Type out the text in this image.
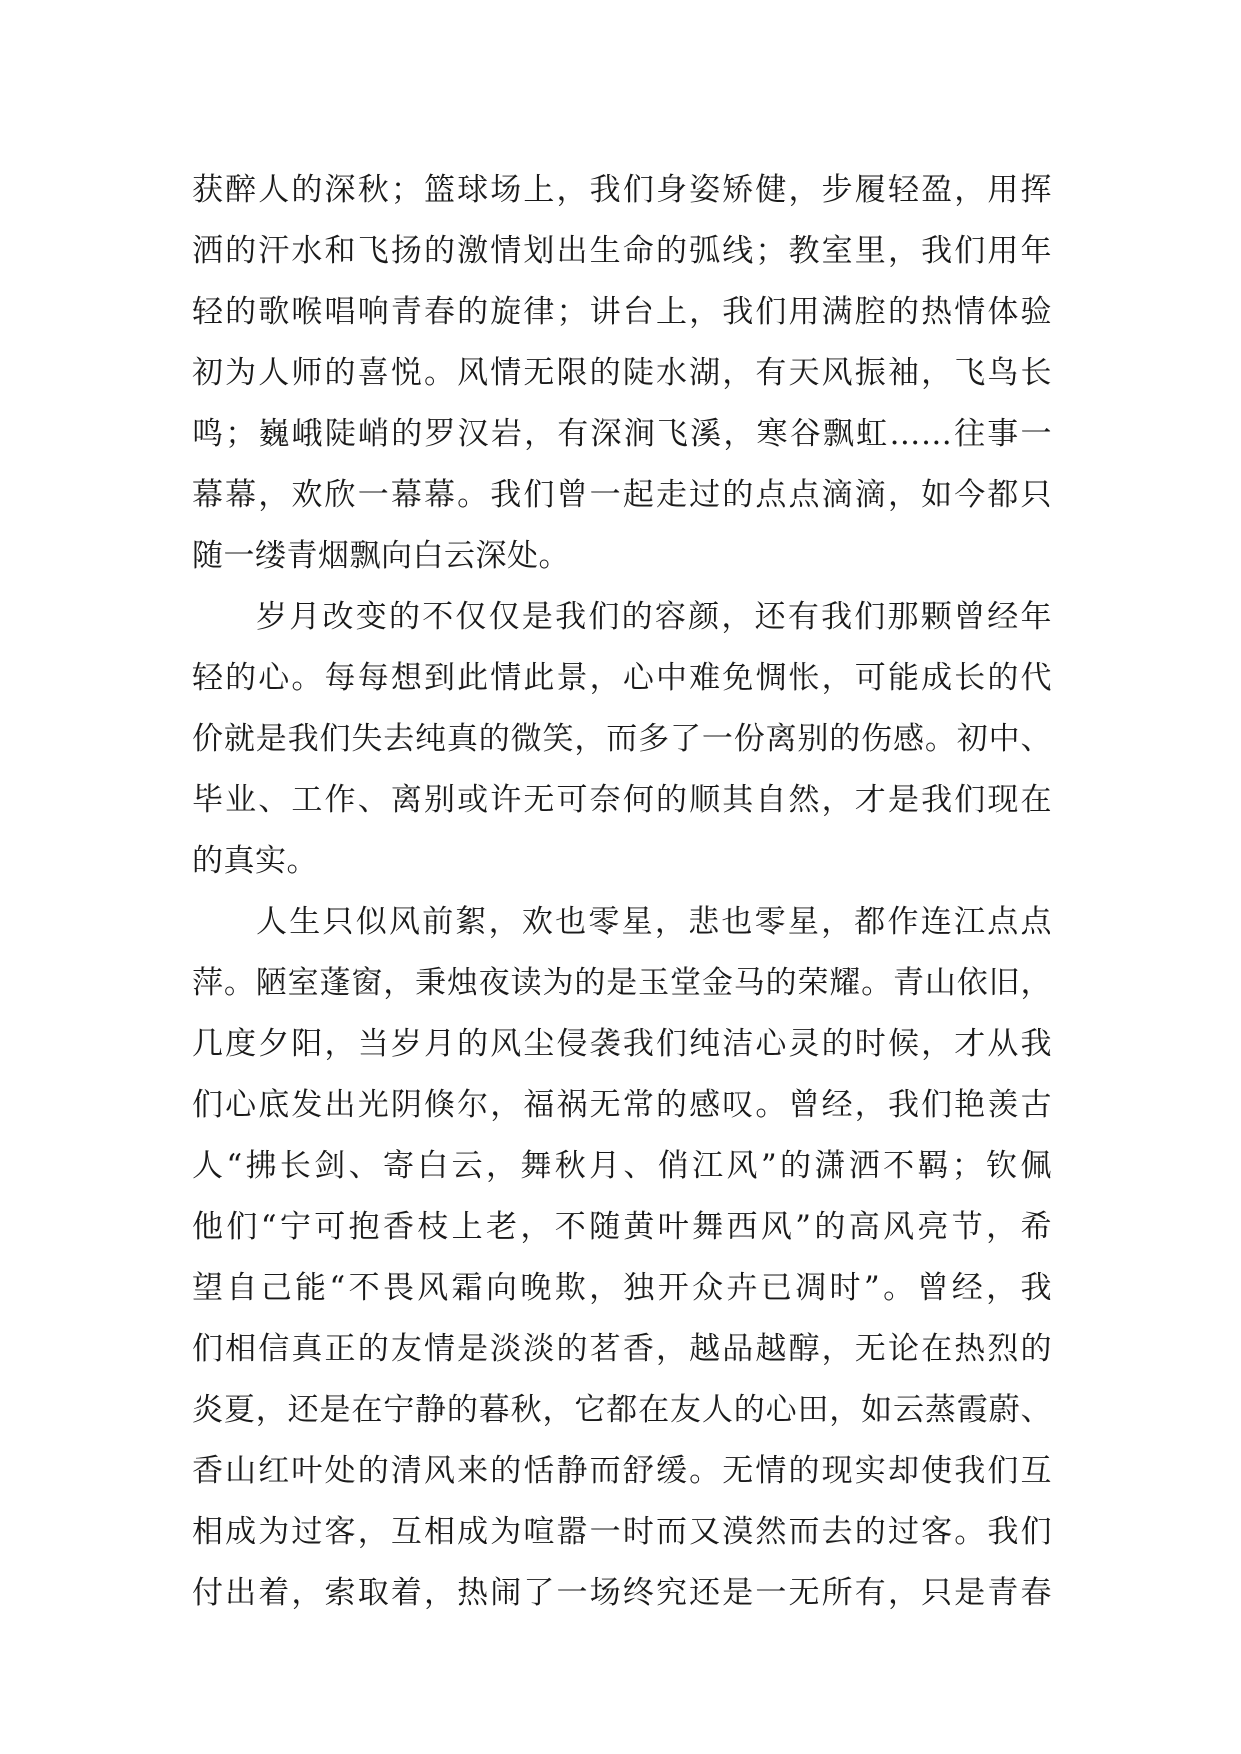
获醉人的深秋；篮球场上，我们身姿矫健，步履轻盈，用挥
洒的汗水和飞扬的激情划出生命的弧线；教室里，我们用年
轻的歌喉唱响青春的旋律；讲台上，我们用满腔的热情体验
初为人师的喜悦。风情无限的陡水湖，有天风振袖，飞鸟长
鸣；巍峨陡峭的罗汉岩，有深涧飞溪，寒谷飘虹……往事一
幕幕，欢欣一幕幕。我们曾一起走过的点点滴滴，如今都只
随一缕青烟飘向白云深处。
岁月改变的不仅仅是我们的容颜，还有我们那颗曾经年
轻的心。每每想到此情此景，心中难免惆怅，可能成长的代
价就是我们失去纯真的微笑，而多了一份离别的伤感。初中、
毕业、工作、离别或许无可奈何的顺其自然，才是我们现在
的真实。
人生只似风前絮，欢也零星，悲也零星，都作连江点点
萍。陋室蓬窗，秉烛夜读为的是玉堂金马的荣耀。青山依旧，
几度夕阳，当岁月的风尘侵袭我们纯洁心灵的时候，才从我
们心底发出光阴倏尔，福祸无常的感叹。曾经，我们艳羡古
人“拂长剑、寄白云，舞秋月、俏江风”的潇洒不羁；钦佩
他们“宁可抱香枝上老，不随黄叶舞西风”的高风亮节，希
望自己能“不畏风霜向晚欺，独开众卉已凋时”。曾经，我
们相信真正的友情是淡淡的茗香，越品越醇，无论在热烈的
炎夏，还是在宁静的暮秋，它都在友人的心田，如云蒸霞蔚、
香山红叶处的清风来的恬静而舒缓。无情的现实却使我们互
相成为过客，互相成为喧嚣一时而又漠然而去的过客。我们
付出着，索取着，热闹了一场终究还是一无所有，只是青春
